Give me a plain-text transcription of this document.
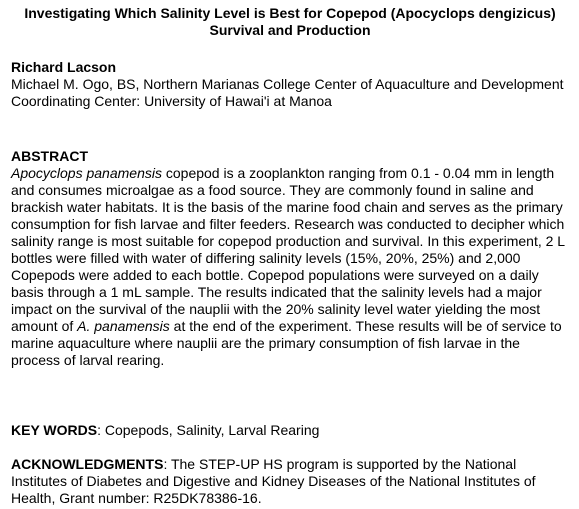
Investigating Which Salinity Level is Best for Copepod (Apocyclops dengizicus) Survival and Production
Richard Lacson
Michael M. Ogo, BS, Northern Marianas College Center of Aquaculture and Development
Coordinating Center: University of Hawai'i at Manoa
ABSTRACT
Apocyclops panamensis copepod is a zooplankton ranging from 0.1 - 0.04 mm in length and consumes microalgae as a food source. They are commonly found in saline and brackish water habitats. It is the basis of the marine food chain and serves as the primary consumption for fish larvae and filter feeders. Research was conducted to decipher which salinity range is most suitable for copepod production and survival. In this experiment, 2 L bottles were filled with water of differing salinity levels (15%, 20%, 25%) and 2,000 Copepods were added to each bottle. Copepod populations were surveyed on a daily basis through a 1 mL sample. The results indicated that the salinity levels had a major impact on the survival of the nauplii with the 20% salinity level water yielding the most amount of A. panamensis at the end of the experiment. These results will be of service to marine aquaculture where nauplii are the primary consumption of fish larvae in the process of larval rearing.
KEY WORDS: Copepods, Salinity, Larval Rearing
ACKNOWLEDGMENTS: The STEP-UP HS program is supported by the National Institutes of Diabetes and Digestive and Kidney Diseases of the National Institutes of Health, Grant number: R25DK78386-16.
